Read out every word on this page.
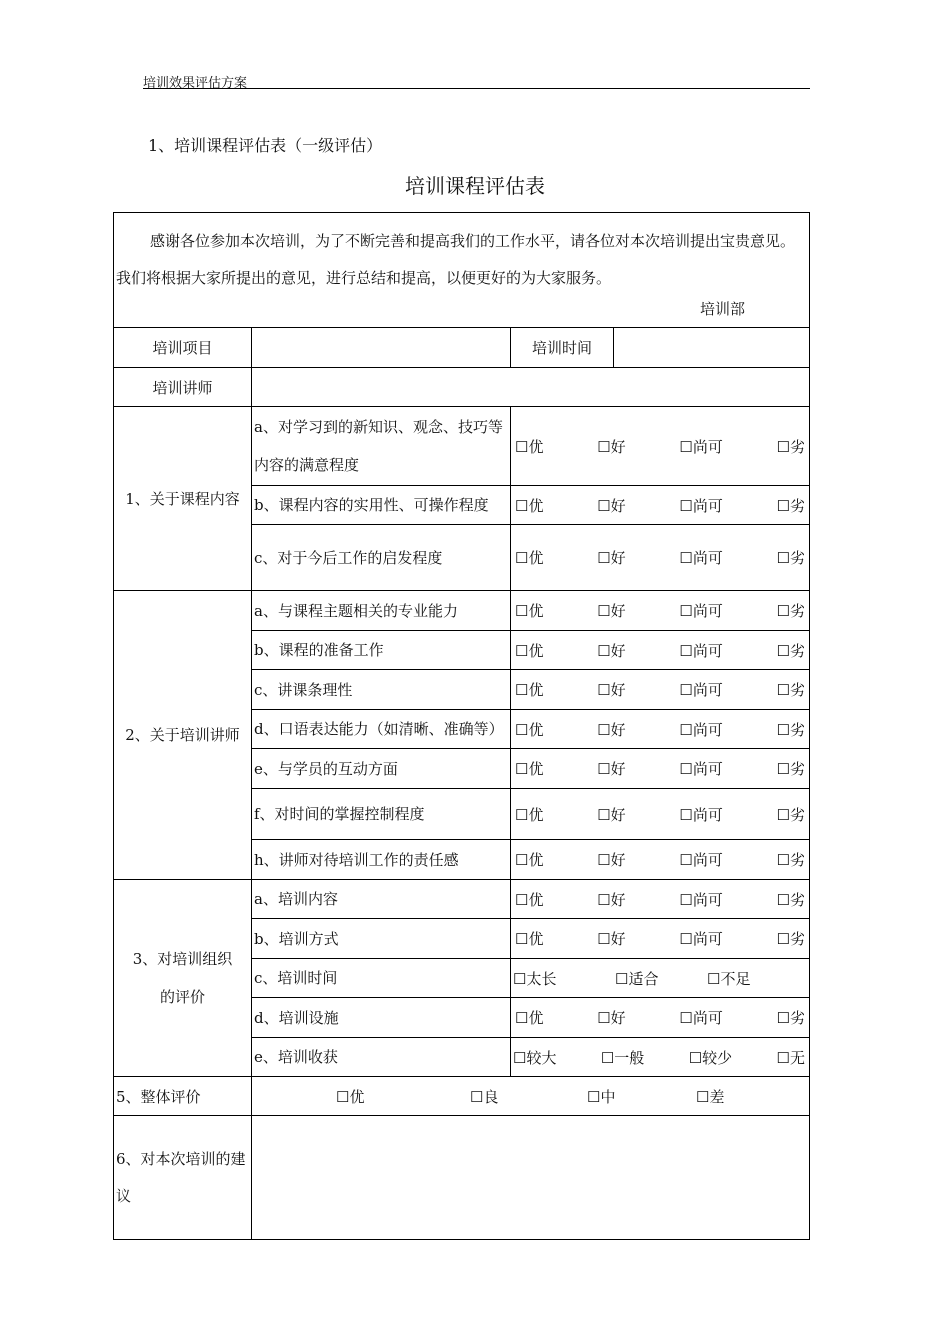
培训效果评估方案
1、培训课程评估表（一级评估）
培训课程评估表

感谢各位参加本次培训，为了不断完善和提高我们的工作水平，请各位对本次培训提出宝贵意见。我们将根据大家所提出的意见，进行总结和提高，以便更好的为大家服务。

培训部			

培训项目		培训时间	
培训讲师			
1、关于课程内容	a、对学习到的新知识、观念、技巧等内容的满意程度	☐优 ☐好 ☐尚可 ☐劣	

	b、课程内容的实用性、可操作程度	☐优 ☐好 ☐尚可 ☐劣	

	c、对于今后工作的启发程度	☐优 ☐好 ☐尚可 ☐劣	

2、关于培训讲师	a、与课程主题相关的专业能力	☐优 ☐好 ☐尚可 ☐劣	

	b、课程的准备工作	☐优 ☐好 ☐尚可 ☐劣	

	c、讲课条理性	☐优 ☐好 ☐尚可 ☐劣	

	d、口语表达能力（如清晰、准确等）	☐优 ☐好 ☐尚可 ☐劣	

	e、与学员的互动方面	☐优 ☐好 ☐尚可 ☐劣	

	f、对时间的掌握控制程度	☐优 ☐好 ☐尚可 ☐劣	

	h、讲师对待培训工作的责任感	☐优 ☐好 ☐尚可 ☐劣	

3、对培训组织的评价	a、培训内容	☐优 ☐好 ☐尚可 ☐劣	

	b、培训方式	☐优 ☐好 ☐尚可 ☐劣	

	c、培训时间	☐太长 ☐适合 ☐不足	

	d、培训设施	☐优 ☐好 ☐尚可 ☐劣	

	e、培训收获	☐较大 ☐一般 ☐较少 ☐无	

5、整体评价	☐优 ☐良 ☐中 ☐差		

6、对本次培训的建议			
